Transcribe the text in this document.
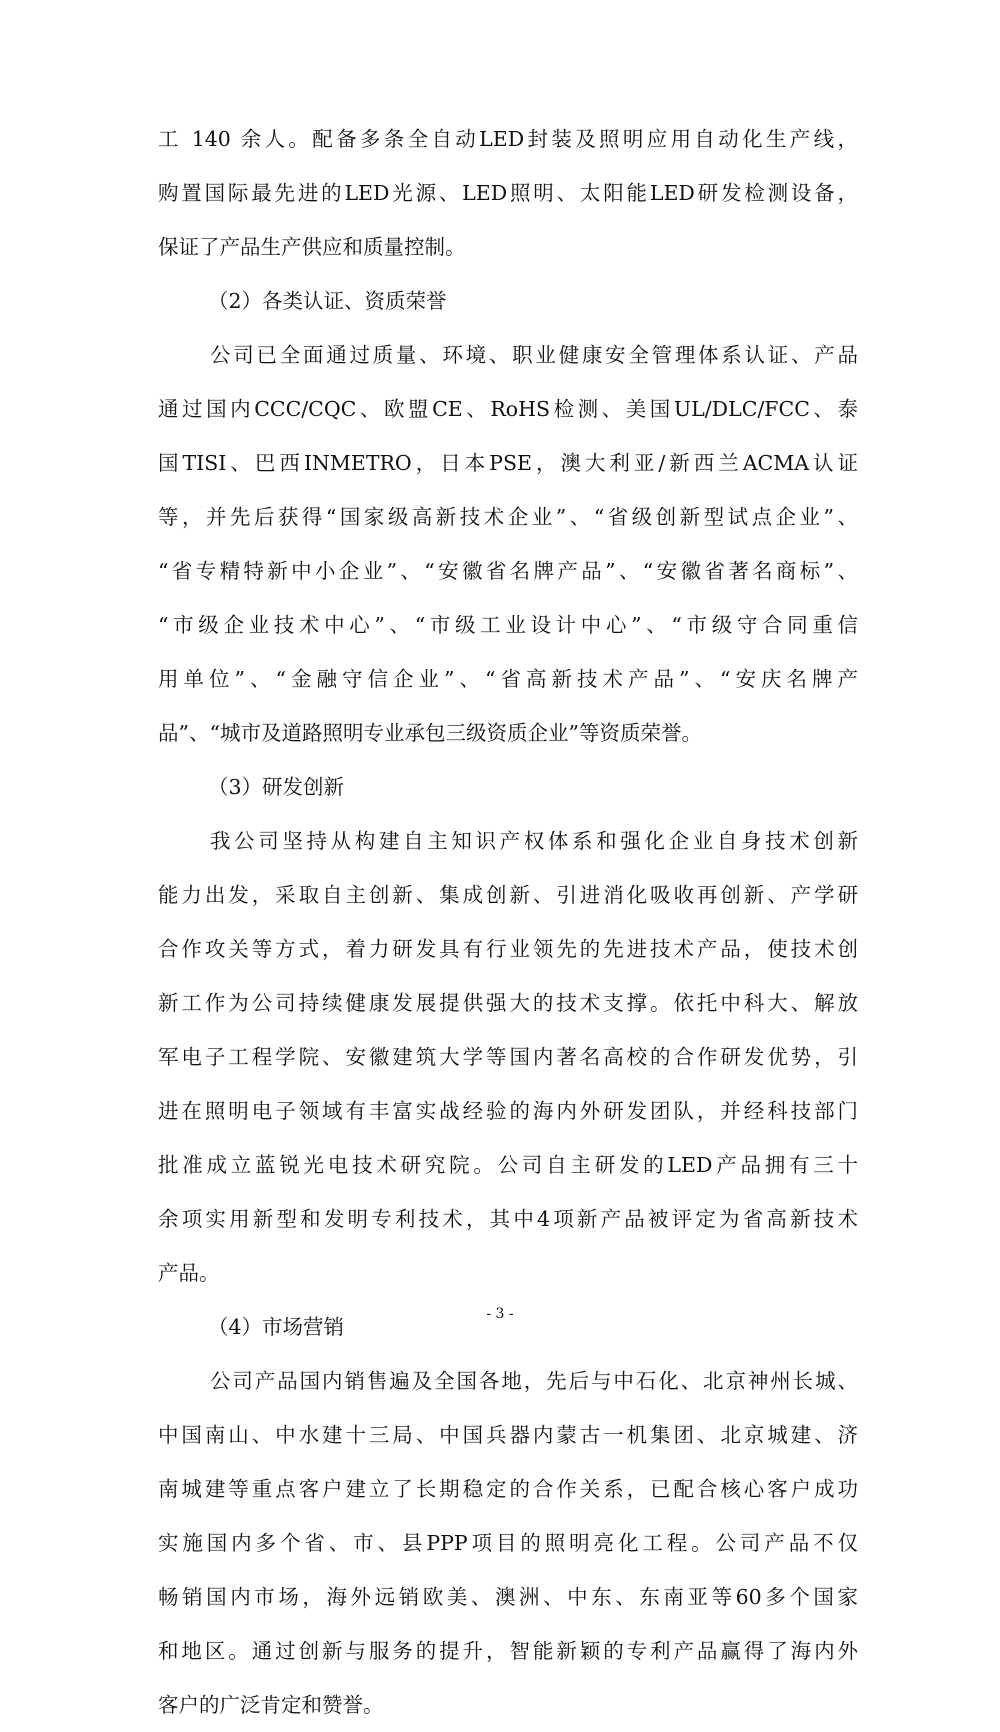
工 140 余人。配备多条全自动LED封装及照明应用自动化生产线，
购置国际最先进的LED光源、LED照明、太阳能LED研发检测设备，
保证了产品生产供应和质量控制。
（2）各类认证、资质荣誉
公司已全面通过质量、环境、职业健康安全管理体系认证、产品
通过国内CCC/CQC、欧盟CE、RoHS检测、美国UL/DLC/FCC、泰
国TISI、巴西INMETRO，日本PSE，澳大利亚/新西兰ACMA认证
等，并先后获得“国家级高新技术企业”、“省级创新型试点企业”、
“省专精特新中小企业”、“安徽省名牌产品”、“安徽省著名商标”、
“市级企业技术中心”、“市级工业设计中心”、“市级守合同重信
用单位”、“金融守信企业”、“省高新技术产品”、“安庆名牌产
品”、“城市及道路照明专业承包三级资质企业”等资质荣誉。
（3）研发创新
我公司坚持从构建自主知识产权体系和强化企业自身技术创新
能力出发，采取自主创新、集成创新、引进消化吸收再创新、产学研
合作攻关等方式，着力研发具有行业领先的先进技术产品，使技术创
新工作为公司持续健康发展提供强大的技术支撑。依托中科大、解放
军电子工程学院、安徽建筑大学等国内著名高校的合作研发优势，引
进在照明电子领域有丰富实战经验的海内外研发团队，并经科技部门
批准成立蓝锐光电技术研究院。公司自主研发的LED产品拥有三十
余项实用新型和发明专利技术，其中4项新产品被评定为省高新技术
产品。
（4）市场营销
公司产品国内销售遍及全国各地，先后与中石化、北京神州长城、
中国南山、中水建十三局、中国兵器内蒙古一机集团、北京城建、济
南城建等重点客户建立了长期稳定的合作关系，已配合核心客户成功
实施国内多个省、市、县PPP项目的照明亮化工程。公司产品不仅
畅销国内市场，海外远销欧美、澳洲、中东、东南亚等60多个国家
和地区。通过创新与服务的提升，智能新颖的专利产品赢得了海内外
客户的广泛肯定和赞誉。
- 3 -
